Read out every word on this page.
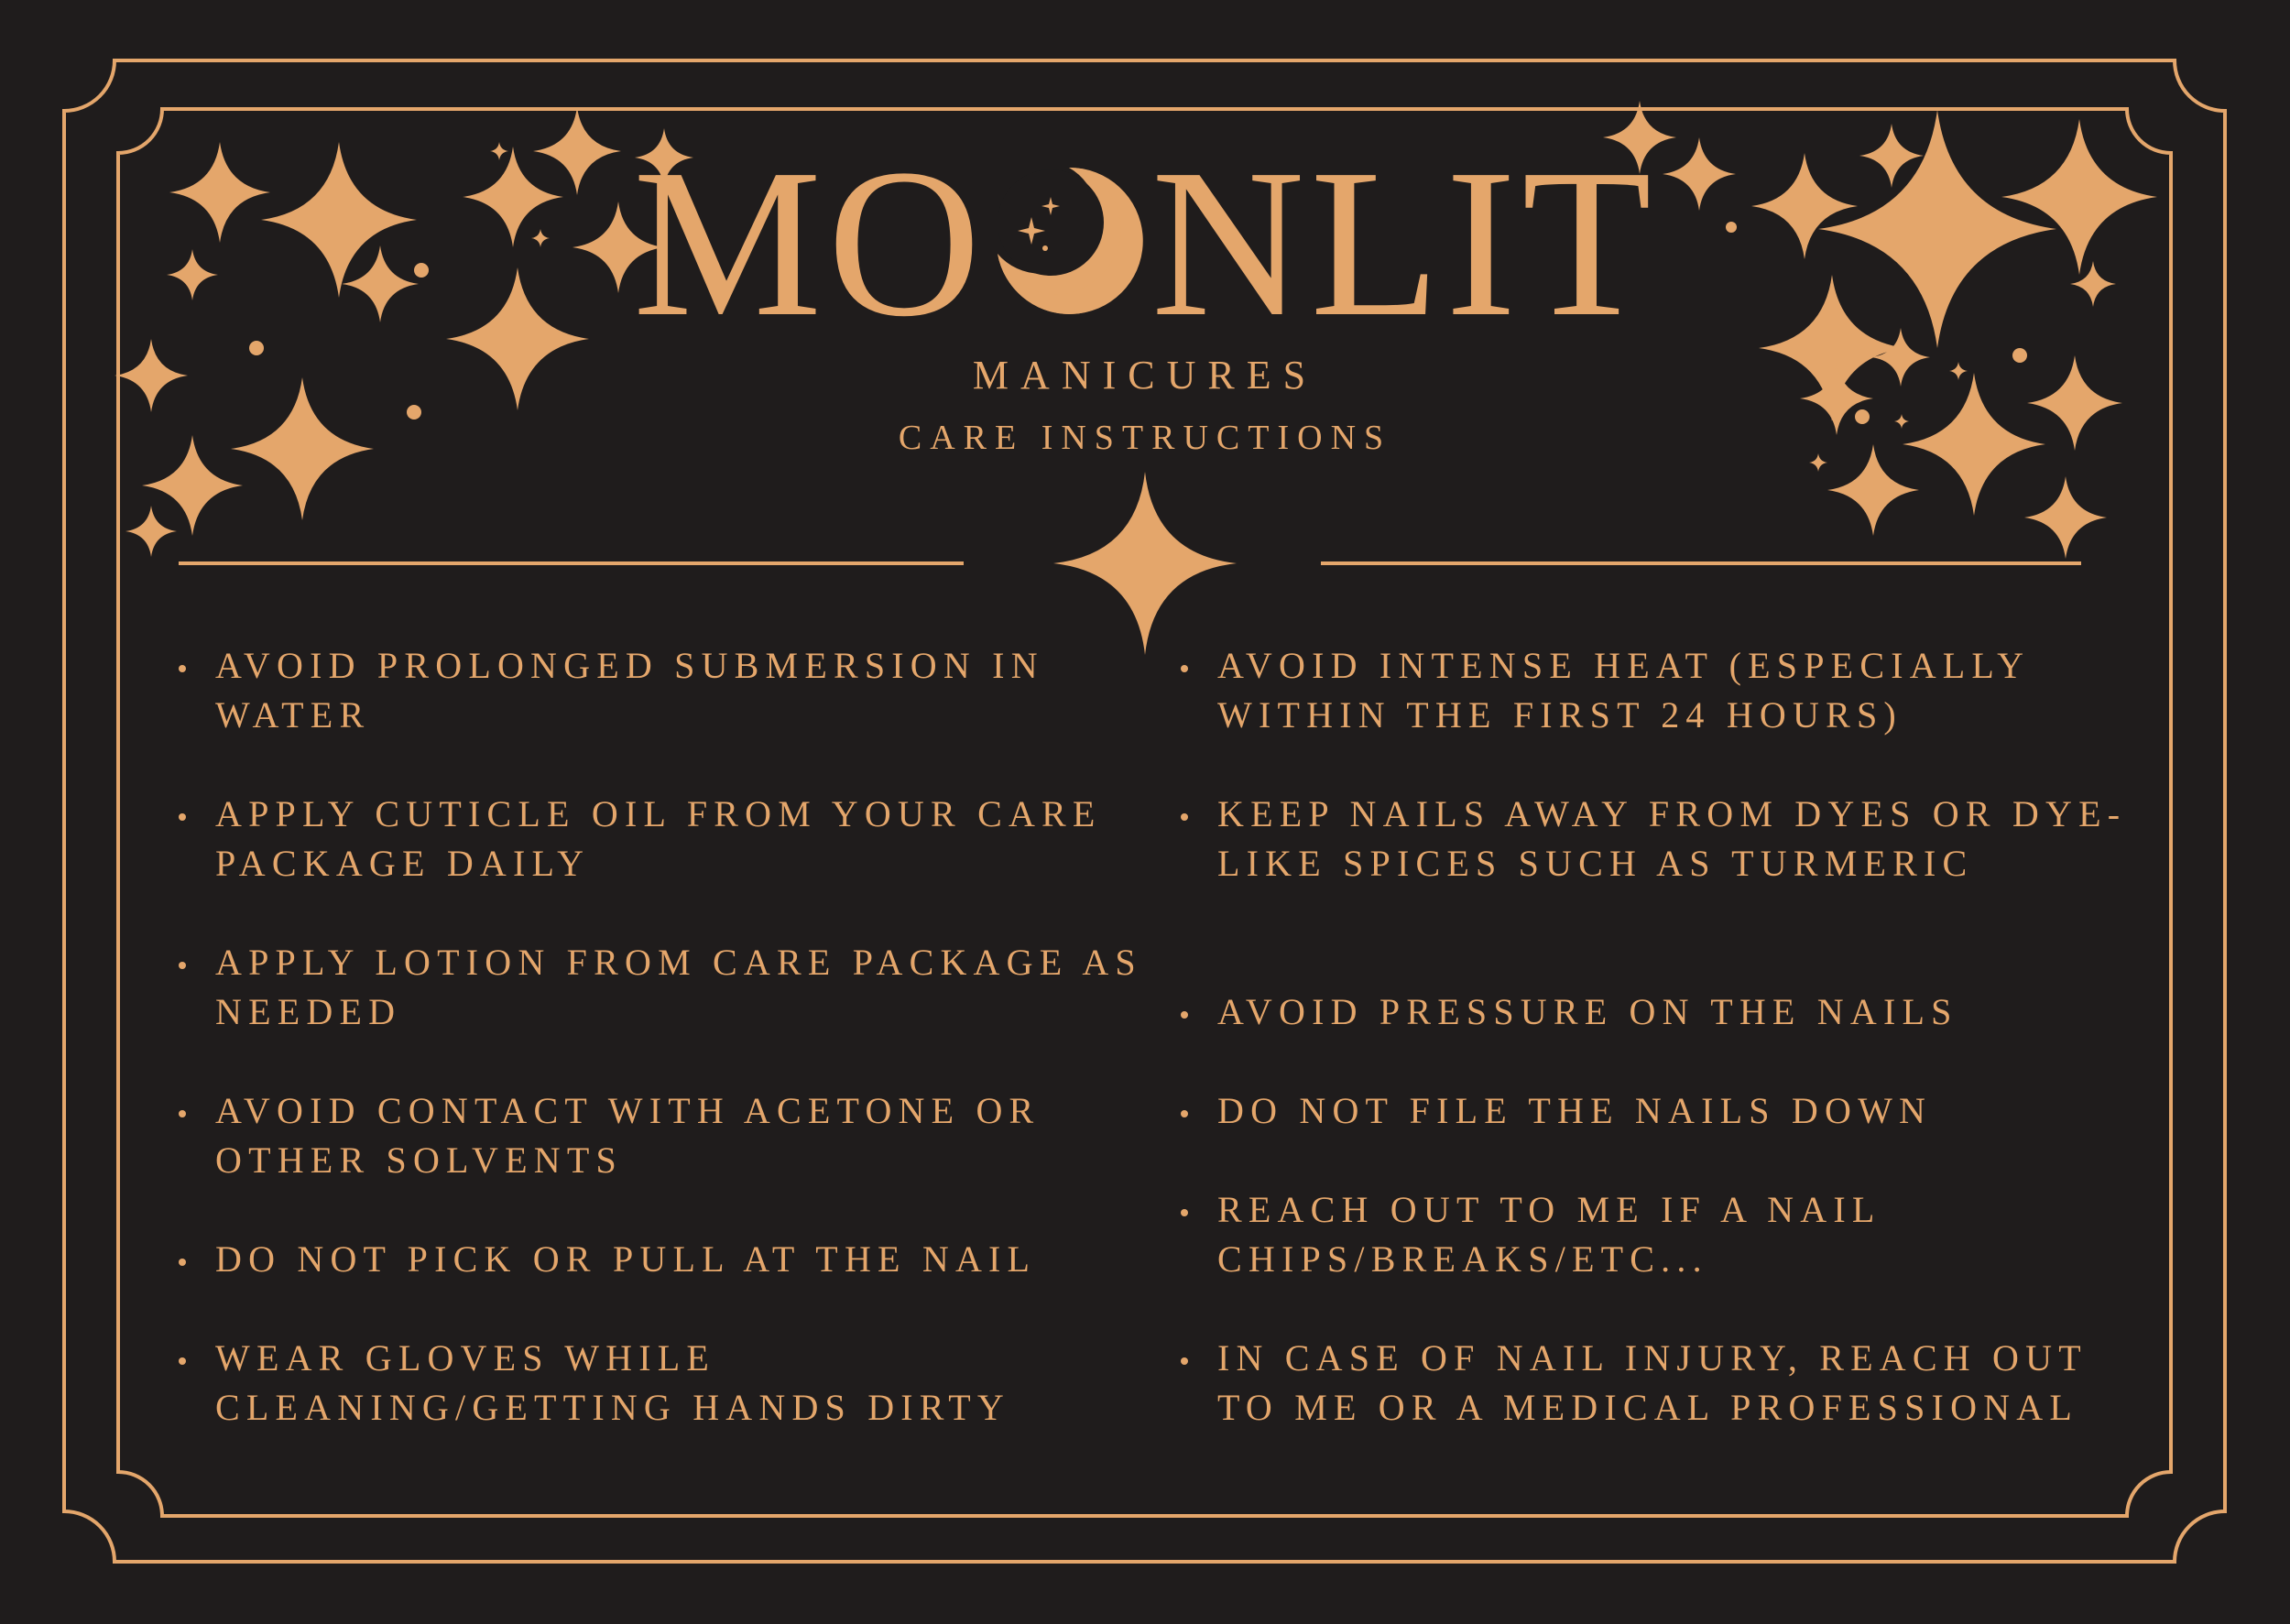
MO NLIT
MANICURES
CARE INSTRUCTIONS
AVOID PROLONGED SUBMERSION IN WATER
APPLY CUTICLE OIL FROM YOUR CARE PACKAGE DAILY
APPLY LOTION FROM CARE PACKAGE AS NEEDED
AVOID CONTACT WITH ACETONE OR OTHER SOLVENTS
DO NOT PICK OR PULL AT THE NAIL
WEAR GLOVES WHILE CLEANING/GETTING HANDS DIRTY
AVOID INTENSE HEAT (ESPECIALLY WITHIN THE FIRST 24 HOURS)
KEEP NAILS AWAY FROM DYES OR DYE-LIKE SPICES SUCH AS TURMERIC
AVOID PRESSURE ON THE NAILS
DO NOT FILE THE NAILS DOWN
REACH OUT TO ME IF A NAIL CHIPS/BREAKS/ETC...
IN CASE OF NAIL INJURY, REACH OUT TO ME OR A MEDICAL PROFESSIONAL
